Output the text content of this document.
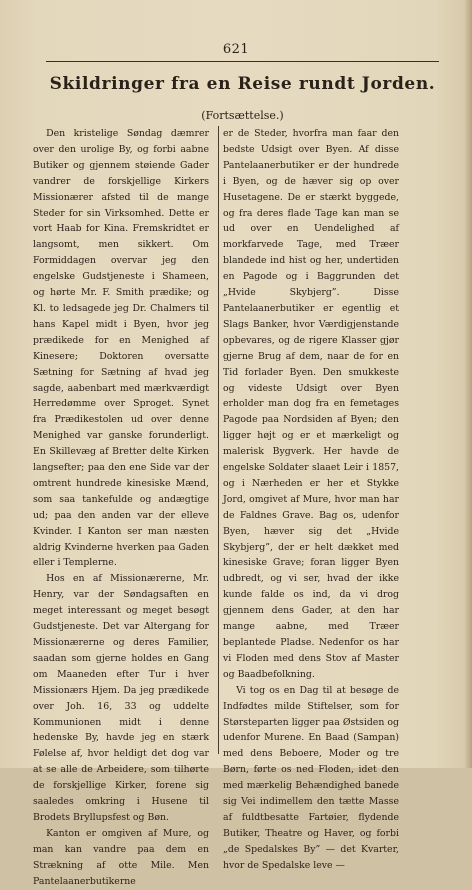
621
Skildringer fra en Reise rundt Jorden.
(Fortsættelse.)

Den kristelige Søndag dæmrer over den urolige By, og forbi aabne Butiker og gjennem støiende Gader vandrer de forskjellige Kirkers Missionærer afsted til de mange Steder for sin Virksomhed. Dette er vort Haab for Kina. Fremskridtet er langsomt, men sikkert. Om Formiddagen overvar jeg den engelske Gudstjeneste i Shameen, og hørte Mr. F. Smith prædike; og Kl. to ledsagede jeg Dr. Chalmers til hans Kapel midt i Byen, hvor jeg prædikede for en Menighed af Kinesere; Doktoren oversatte Sætning for Sætning af hvad jeg sagde, aabenbart med mærkværdigt Herredømme over Sproget. Synet fra Prædikestolen ud over denne Menighed var ganske forunderligt. En Skillevæg af Bretter delte Kirken langsefter; paa den ene Side var der omtrent hundrede kinesiske Mænd, som saa tankefulde og andægtige ud; paa den anden var der elleve Kvinder. I Kanton ser man næsten aldrig Kvinderne hverken paa Gaden eller i Templerne.

Hos en af Missionærerne, Mr. Henry, var der Søndagsaften en meget interessant og meget besøgt Gudstjeneste. Det var Altergang for Missionærerne og deres Familier, saadan som gjerne holdes en Gang om Maaneden efter Tur i hver Missionærs Hjem. Da jeg prædikede over Joh. 16, 33 og uddelte Kommunionen midt i denne hedenske By, havde jeg en stærk Følelse af, hvor heldigt det dog var at se alle de Arbeidere, som tilhørte de forskjellige Kirker, forene sig saaledes omkring i Husene til Brodets Bryllupsfest og Bøn.

Kanton er omgiven af Mure, og man kan vandre paa dem en Strækning af otte Mile. Men Pantelaanerbutikerne

er de Steder, hvorfra man faar den bedste Udsigt over Byen. Af disse Pantelaanerbutiker er der hundrede i Byen, og de hæver sig op over Husetagene. De er stærkt byggede, og fra deres flade Tage kan man se ud over en Uendelighed af morkfarvede Tage, med Træer blandede ind hist og her, undertiden en Pagode og i Baggrunden det „Hvide Skybjerg”. Disse Pantelaanerbutiker er egentlig et Slags Banker, hvor Værdigjenstande opbevares, og de rigere Klasser gjør gjerne Brug af dem, naar de for en Tid forlader Byen. Den smukkeste og videste Udsigt over Byen erholder man dog fra en femetages Pagode paa Nordsiden af Byen; den ligger højt og er et mærkeligt og malerisk Bygverk. Her havde de engelske Soldater slaaet Leir i 1857, og i Nærheden er her et Stykke Jord, omgivet af Mure, hvor man har de Faldnes Grave. Bag os, udenfor Byen, hæver sig det „Hvide Skybjerg”, der er helt dækket med kinesiske Grave; foran ligger Byen udbredt, og vi ser, hvad der ikke kunde falde os ind, da vi drog gjennem dens Gader, at den har mange aabne, med Træer beplantede Pladse. Nedenfor os har vi Floden med dens Stov af Master og Baadbefolkning.

Vi tog os en Dag til at besøge de Indfødtes milde Stiftelser, som for Størsteparten ligger paa Østsiden og udenfor Murene. En Baad (Sampan) med dens Beboere, Moder og tre Børn, førte os ned Floden, idet den med mærkelig Behændighed banede sig Vei indimellem den tætte Masse af fuldtbesatte Fartøier, flydende Butiker, Theatre og Haver, og forbi „de Spedalskes By” — det Kvarter, hvor de Spedalske leve —
